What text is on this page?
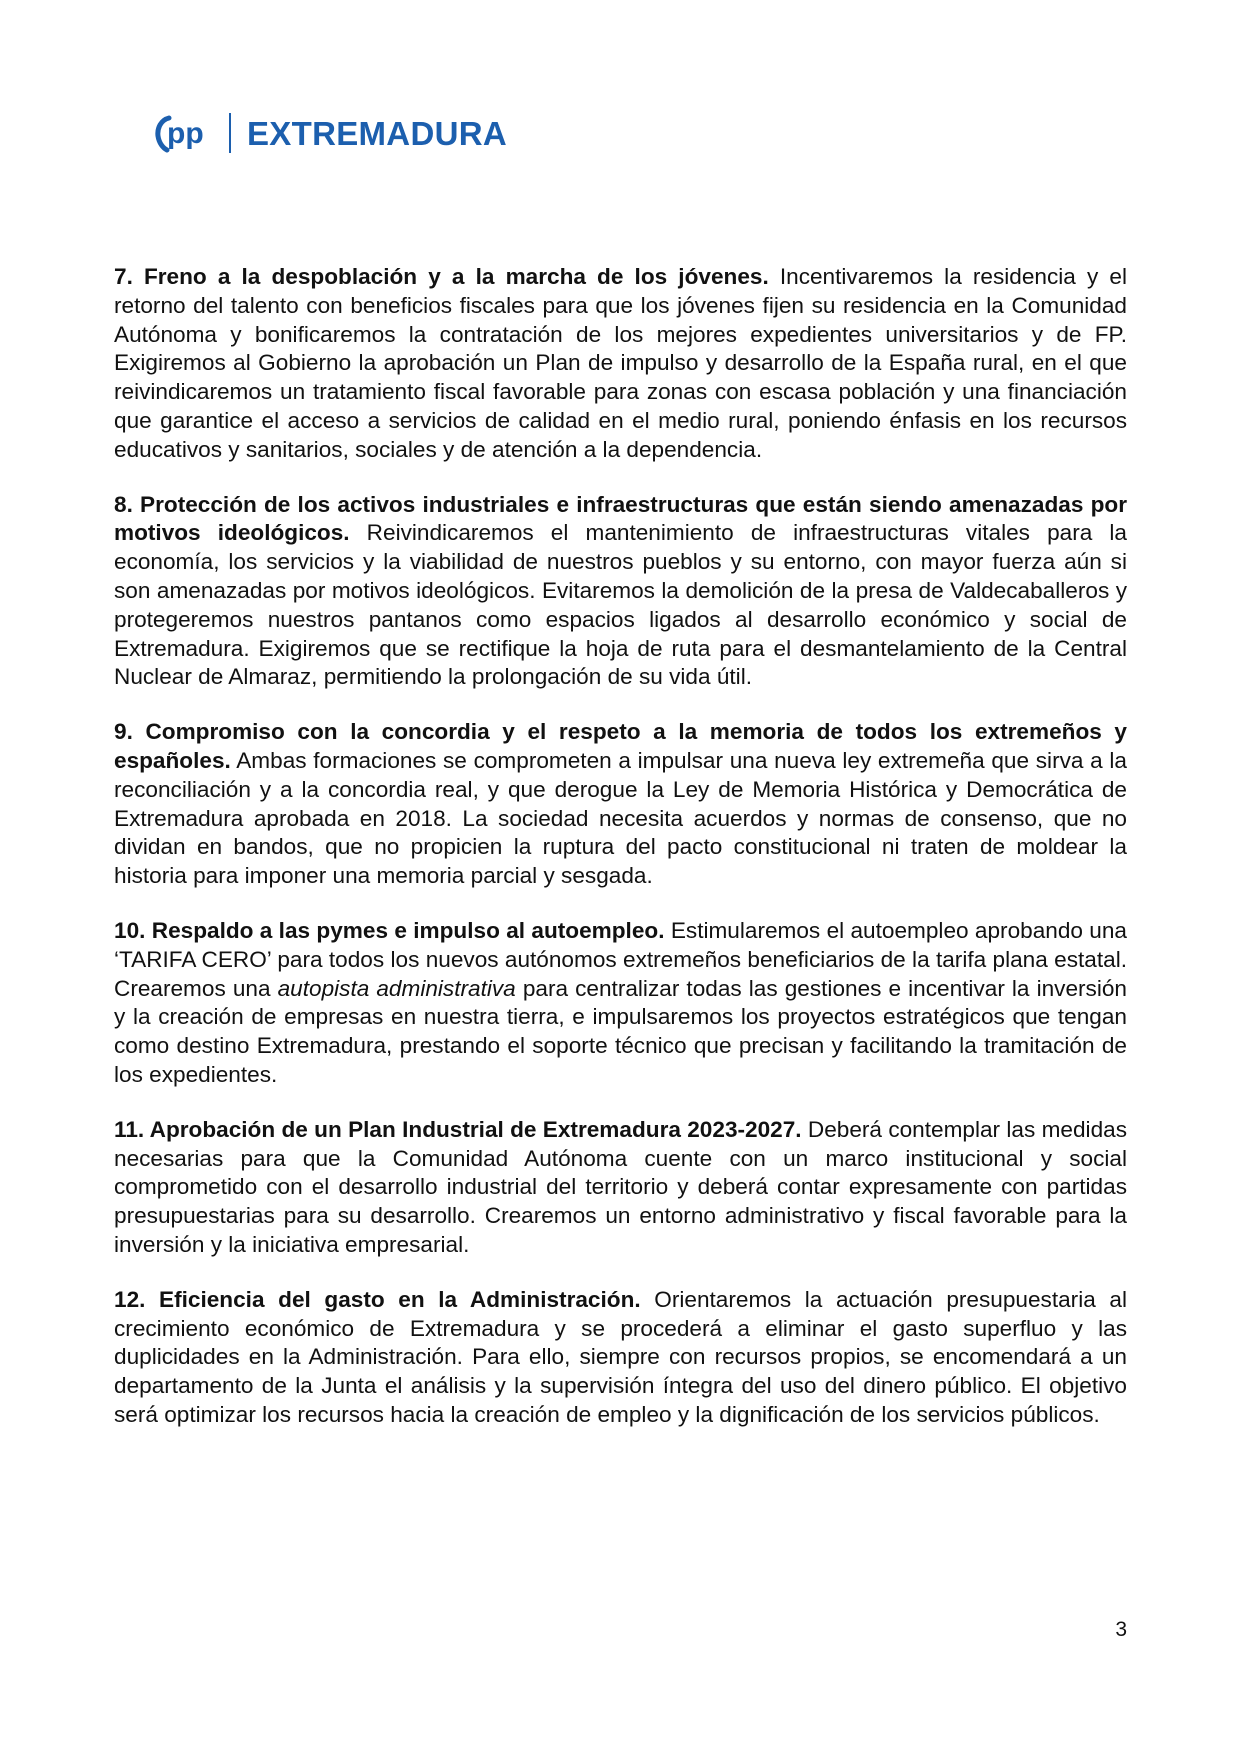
pp EXTREMADURA

7. Freno a la despoblación y a la marcha de los jóvenes. Incentivaremos la residencia y el retorno del talento con beneficios fiscales para que los jóvenes fijen su residencia en la Comunidad Autónoma y bonificaremos la contratación de los mejores expedientes universitarios y de FP. Exigiremos al Gobierno la aprobación un Plan de impulso y desarrollo de la España rural, en el que reivindicaremos un tratamiento fiscal favorable para zonas con escasa población y una financiación que garantice el acceso a servicios de calidad en el medio rural, poniendo énfasis en los recursos educativos y sanitarios, sociales y de atención a la dependencia.

8. Protección de los activos industriales e infraestructuras que están siendo amenazadas por motivos ideológicos. Reivindicaremos el mantenimiento de infraestructuras vitales para la economía, los servicios y la viabilidad de nuestros pueblos y su entorno, con mayor fuerza aún si son amenazadas por motivos ideológicos. Evitaremos la demolición de la presa de Valdecaballeros y protegeremos nuestros pantanos como espacios ligados al desarrollo económico y social de Extremadura. Exigiremos que se rectifique la hoja de ruta para el desmantelamiento de la Central Nuclear de Almaraz, permitiendo la prolongación de su vida útil.

9. Compromiso con la concordia y el respeto a la memoria de todos los extremeños y españoles. Ambas formaciones se comprometen a impulsar una nueva ley extremeña que sirva a la reconciliación y a la concordia real, y que derogue la Ley de Memoria Histórica y Democrática de Extremadura aprobada en 2018. La sociedad necesita acuerdos y normas de consenso, que no dividan en bandos, que no propicien la ruptura del pacto constitucional ni traten de moldear la historia para imponer una memoria parcial y sesgada.

10. Respaldo a las pymes e impulso al autoempleo. Estimularemos el autoempleo aprobando una ‘TARIFA CERO’ para todos los nuevos autónomos extremeños beneficiarios de la tarifa plana estatal. Crearemos una autopista administrativa para centralizar todas las gestiones e incentivar la inversión y la creación de empresas en nuestra tierra, e impulsaremos los proyectos estratégicos que tengan como destino Extremadura, prestando el soporte técnico que precisan y facilitando la tramitación de los expedientes.

11. Aprobación de un Plan Industrial de Extremadura 2023-2027. Deberá contemplar las medidas necesarias para que la Comunidad Autónoma cuente con un marco institucional y social comprometido con el desarrollo industrial del territorio y deberá contar expresamente con partidas presupuestarias para su desarrollo. Crearemos un entorno administrativo y fiscal favorable para la inversión y la iniciativa empresarial.

12. Eficiencia del gasto en la Administración. Orientaremos la actuación presupuestaria al crecimiento económico de Extremadura y se procederá a eliminar el gasto superfluo y las duplicidades en la Administración. Para ello, siempre con recursos propios, se encomendará a un departamento de la Junta el análisis y la supervisión íntegra del uso del dinero público. El objetivo será optimizar los recursos hacia la creación de empleo y la dignificación de los servicios públicos.

3
